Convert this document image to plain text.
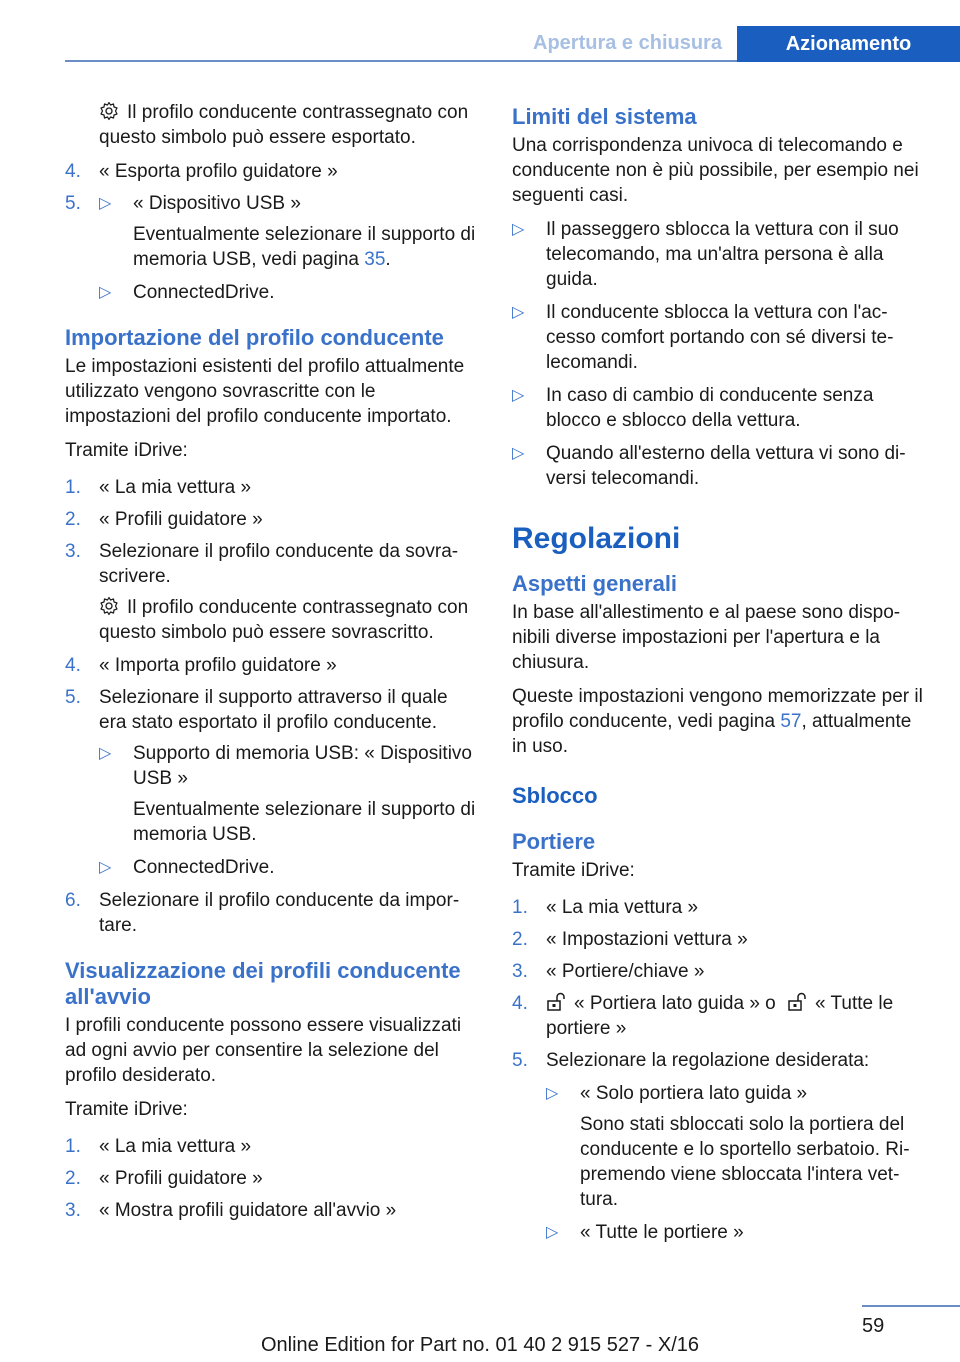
Apertura e chiusura	Azionamento

Il profilo conducente contrassegnato con questo simbolo può essere esportato.

4. « Esporta profilo guidatore »
5. ▷ « Dispositivo USB »
Eventualmente selezionare il supporto di memoria USB, vedi pagina 35.
▷ ConnectedDrive.
Importazione del profilo conducente

Le impostazioni esistenti del profilo attualmente utilizzato vengono sovrascritte con le impostazioni del profilo conducente importato.

Tramite iDrive:

1. « La mia vettura »
2. « Profili guidatore »
3. Selezionare il profilo conducente da sovrascrivere.
Il profilo conducente contrassegnato con questo simbolo può essere sovrascritto.
4. « Importa profilo guidatore »
5. Selezionare il supporto attraverso il quale era stato esportato il profilo conducente.
▷ Supporto di memoria USB: « Dispositivo USB »
Eventualmente selezionare il supporto di memoria USB.
▷ ConnectedDrive.
6. Selezionare il profilo conducente da importare.
Visualizzazione dei profili conducente all'avvio

I profili conducente possono essere visualizzati ad ogni avvio per consentire la selezione del profilo desiderato.

Tramite iDrive:

1. « La mia vettura »
2. « Profili guidatore »
3. « Mostra profili guidatore all'avvio »
Limiti del sistema

Una corrispondenza univoca di telecomando e conducente non è più possibile, per esempio nei seguenti casi.

▷ Il passeggero sblocca la vettura con il suo telecomando, ma un'altra persona è alla guida.
▷ Il conducente sblocca la vettura con l'accesso comfort portando con sé diversi telecomandi.
▷ In caso di cambio di conducente senza blocco e sblocco della vettura.
▷ Quando all'esterno della vettura vi sono diversi telecomandi.
Regolazioni
Aspetti generali

In base all'allestimento e al paese sono disponibili diverse impostazioni per l'apertura e la chiusura.

Queste impostazioni vengono memorizzate per il profilo conducente, vedi pagina 57, attualmente in uso.

Sblocco
Portiere

Tramite iDrive:

1. « La mia vettura »
2. « Impostazioni vettura »
3. « Portiere/chiave »
4.	« Portiera lato guida » o « Tutte le portiere »
5. Selezionare la regolazione desiderata:
▷ « Solo portiera lato guida »
Sono stati sbloccati solo la portiera del conducente e lo sportello serbatoio. Ripremendo viene sbloccata l'intera vettura.
▷ « Tutte le portiere »
59
Online Edition for Part no. 01 40 2 915 527 - X/16
